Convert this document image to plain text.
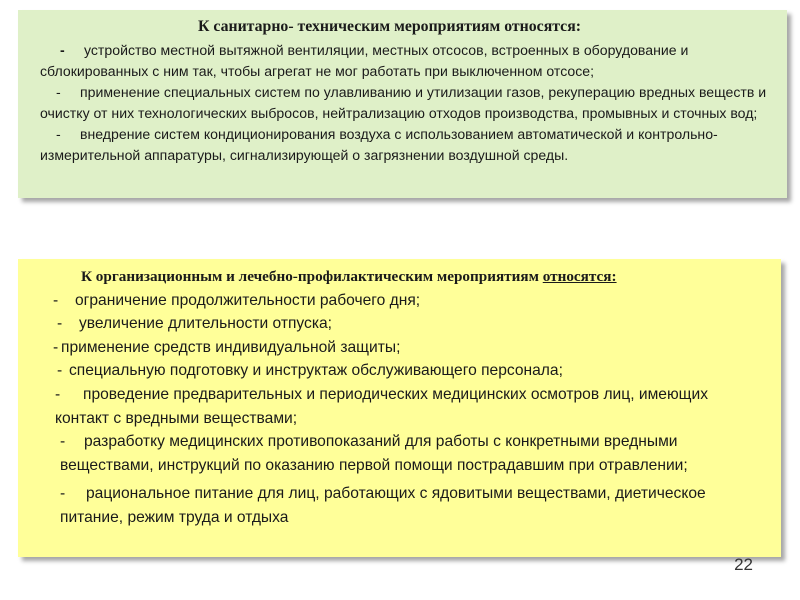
К санитарно- техническим мероприятиям относятся:

- устройство местной вытяжной вентиляции, местных отсосов, встроенных в оборудование и сблокированных с ним так, чтобы агрегат не мог работать при выключенном отсосе;

- применение специальных систем по улавливанию и утилизации газов, рекуперацию вредных веществ и очистку от них технологических выбросов, нейтрализацию отходов производства, промывных и сточных вод;

- внедрение систем кондиционирования воздуха с использованием автоматической и контрольно-измерительной аппаратуры, сигнализирующей о загрязнении воздушной среды.

К организационным и лечебно-профилактическим мероприятиям относятся:

- ограничение продолжительности рабочего дня;

- увеличение длительности отпуска;

- применение средств индивидуальной защиты;

- специальную подготовку и инструктаж обслуживающего персонала;

- проведение предварительных и периодических медицинских осмотров лиц, имеющих контакт с вредными веществами;

- разработку медицинских противопоказаний для работы с конкретными вредными веществами, инструкций по оказанию первой помощи пострадавшим при отравлении;

- рациональное питание для лиц, работающих с ядовитыми веществами, диетическое питание, режим труда и отдыха

22
